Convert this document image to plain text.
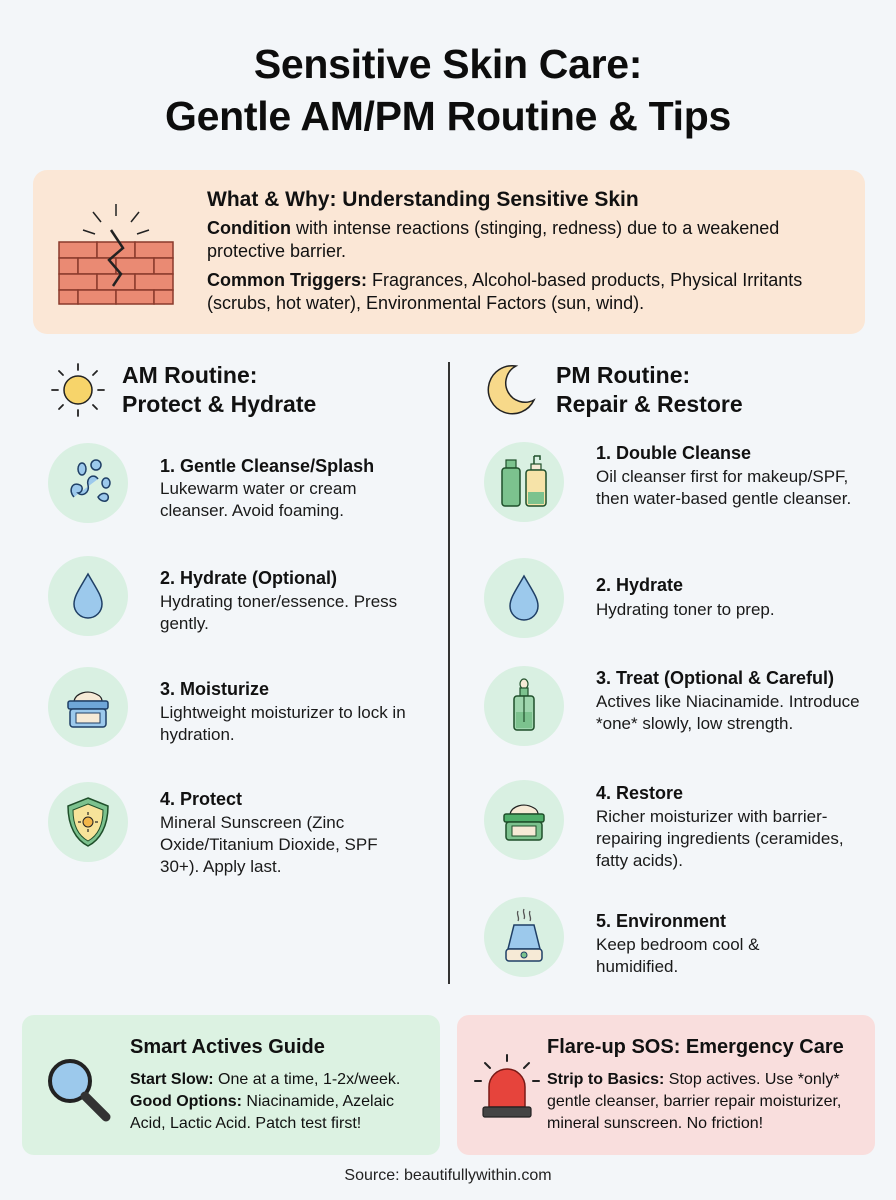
Sensitive Skin Care:
Gentle AM/PM Routine & Tips
What & Why: Understanding Sensitive Skin
Condition with intense reactions (stinging, redness) due to a weakened protective barrier.
Common Triggers: Fragrances, Alcohol-based products, Physical Irritants (scrubs, hot water), Environmental Factors (sun, wind).
AM Routine:
Protect & Hydrate
PM Routine:
Repair & Restore
1. Gentle Cleanse/Splash
Lukewarm water or cream cleanser. Avoid foaming.
2. Hydrate (Optional)
Hydrating toner/essence. Press gently.
3. Moisturize
Lightweight moisturizer to lock in hydration.
4. Protect
Mineral Sunscreen (Zinc Oxide/Titanium Dioxide, SPF 30+). Apply last.
1. Double Cleanse
Oil cleanser first for makeup/SPF, then water-based gentle cleanser.
2. Hydrate
Hydrating toner to prep.
3. Treat (Optional & Careful)
Actives like Niacinamide. Introduce *one* slowly, low strength.
4. Restore
Richer moisturizer with barrier-repairing ingredients (ceramides, fatty acids).
5. Environment
Keep bedroom cool & humidified.
Smart Actives Guide
Start Slow: One at a time, 1-2x/week.
Good Options: Niacinamide, Azelaic Acid, Lactic Acid. Patch test first!
Flare-up SOS: Emergency Care
Strip to Basics: Stop actives. Use *only* gentle cleanser, barrier repair moisturizer, mineral sunscreen. No friction!
Source: beautifullywithin.com
